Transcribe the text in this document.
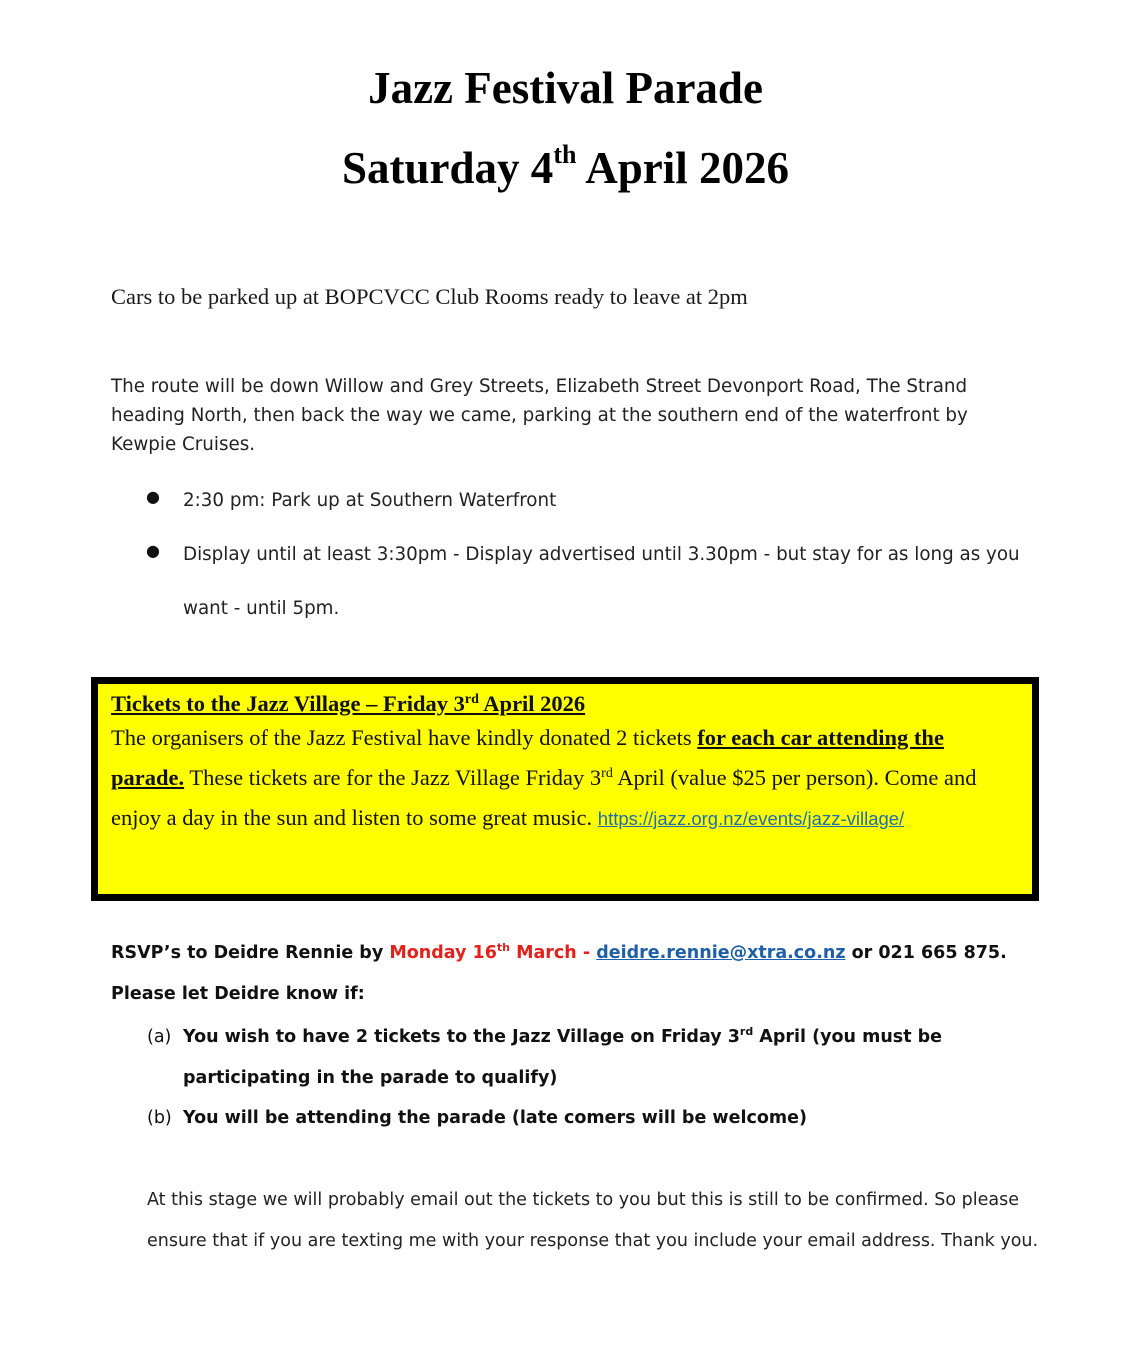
Jazz Festival Parade
Saturday 4th April 2026
Cars to be parked up at BOPCVCC Club Rooms ready to leave at 2pm
The route will be down Willow and Grey Streets, Elizabeth Street Devonport Road, The Strand heading North, then back the way we came, parking at the southern end of the waterfront by Kewpie Cruises.
● 2:30 pm: Park up at Southern Waterfront
● Display until at least 3:30pm - Display advertised until 3.30pm - but stay for as long as you want - until 5pm.
Tickets to the Jazz Village – Friday 3rd April 2026
The organisers of the Jazz Festival have kindly donated 2 tickets for each car attending the parade. These tickets are for the Jazz Village Friday 3rd April (value $25 per person). Come and enjoy a day in the sun and listen to some great music. https://jazz.org.nz/events/jazz-village/
RSVP’s to Deidre Rennie by Monday 16th March - deidre.rennie@xtra.co.nz or 021 665 875.
Please let Deidre know if:
(a) You wish to have 2 tickets to the Jazz Village on Friday 3rd April (you must be participating in the parade to qualify)
(b) You will be attending the parade (late comers will be welcome)
At this stage we will probably email out the tickets to you but this is still to be confirmed. So please ensure that if you are texting me with your response that you include your email address. Thank you.
